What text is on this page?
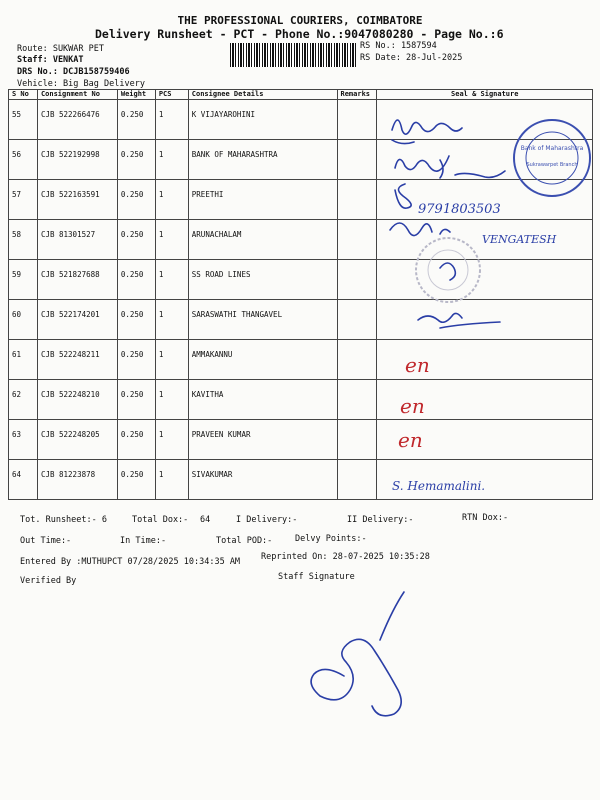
THE PROFESSIONAL COURIERS, COIMBATORE
Delivery Runsheet - PCT - Phone No.:9047080280 - Page No.:6
Route: SUKWAR PET
Staff: VENKAT
DRS No.: DCJB158759406
Vehicle: Big Bag Delivery
RS No.: 1587594
RS Date: 28-Jul-2025
S No	Consignment No	Weight	PCS	Consignee Details	Remarks	Seal & Signature
55	CJB 522266476	0.250	1	K VIJAYAROHINI		
56	CJB 522192998	0.250	1	BANK OF MAHARASHTRA		
57	CJB 522163591	0.250	1	PREETHI		
58	CJB 81301527	0.250	1	ARUNACHALAM		
59	CJB 521827688	0.250	1	SS ROAD LINES		
60	CJB 522174201	0.250	1	SARASWATHI THANGAVEL		
61	CJB 522248211	0.250	1	AMMAKANNU		
62	CJB 522248210	0.250	1	KAVITHA		
63	CJB 522248205	0.250	1	PRAVEEN KUMAR		
64	CJB 81223878	0.250	1	SIVAKUMAR		
9791803503
VENGATESH
en
en
en
S. Hemamalini.
Bank of Maharashtra
Sukrawarpet Branch
Tot. Runsheet:- 6	Total Dox:- 64	I Delivery:-	II Delivery:-	RTN Dox:-
Out Time:-	In Time:-	Total POD:-	Delvy Points:-
Entered By :MUTHUPCT 07/28/2025 10:34:35 AM Reprinted On: 28-07-2025 10:35:28
Verified By	Staff Signature
